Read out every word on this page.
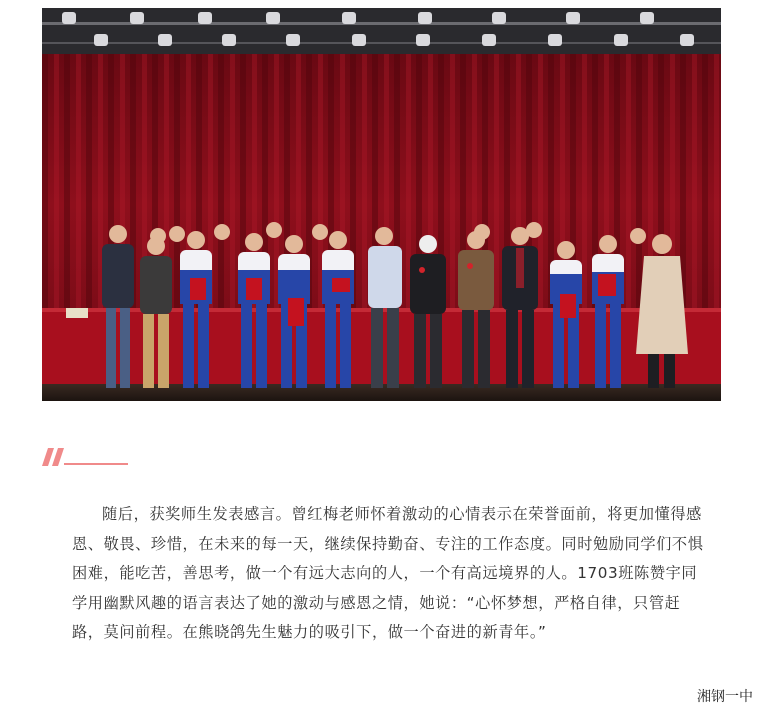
随后，获奖师生发表感言。曾红梅老师怀着激动的心情表示在荣誉面前，将更加懂得感恩、敬畏、珍惜，在未来的每一天，继续保持勤奋、专注的工作态度。同时勉励同学们不惧困难，能吃苦，善思考，做一个有远大志向的人，一个有高远境界的人。1703班陈赞宇同学用幽默风趣的语言表达了她的激动与感恩之情，她说：“心怀梦想，严格自律，只管赶路，莫问前程。在熊晓鸽先生魅力的吸引下，做一个奋进的新青年。”

湘钢一中
